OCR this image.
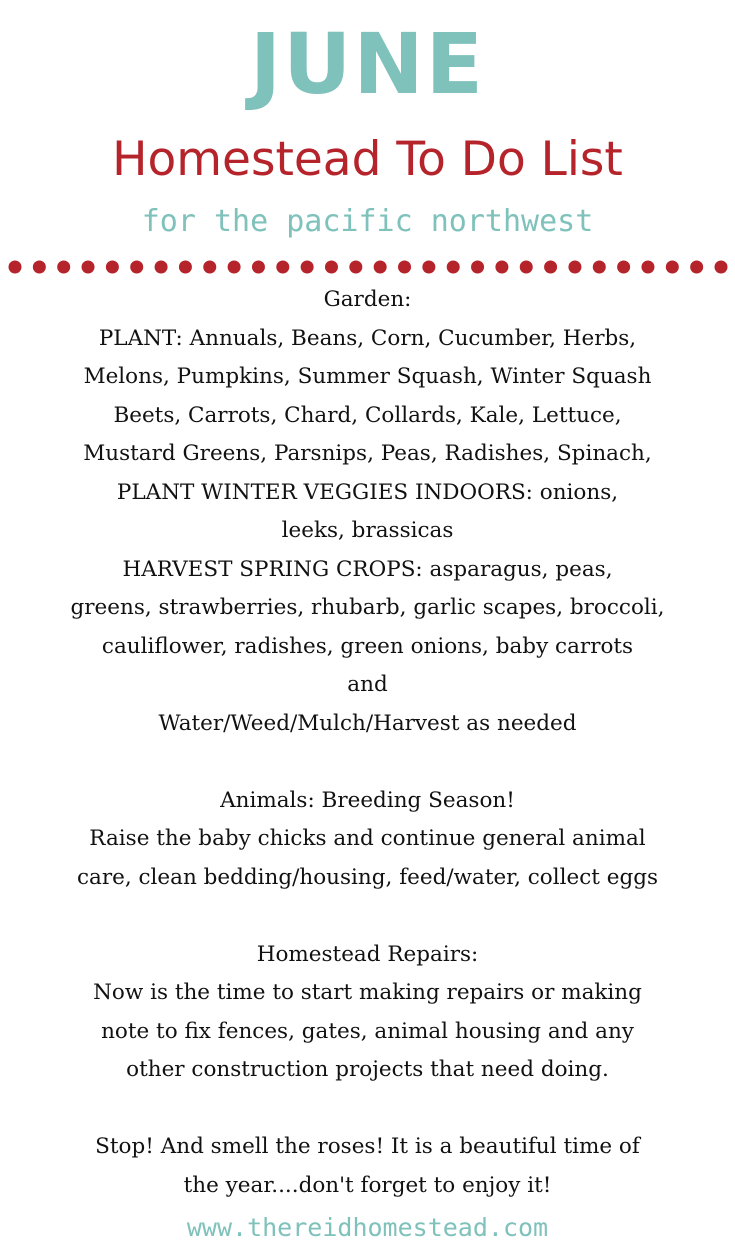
JUNE
Homestead To Do List
for the pacific northwest

Garden:

PLANT: Annuals, Beans, Corn, Cucumber, Herbs,

Melons, Pumpkins, Summer Squash, Winter Squash

Beets, Carrots, Chard, Collards, Kale, Lettuce,

Mustard Greens, Parsnips, Peas, Radishes, Spinach,

PLANT WINTER VEGGIES INDOORS: onions,

leeks, brassicas

HARVEST SPRING CROPS: asparagus, peas,

greens, strawberries, rhubarb, garlic scapes, broccoli,

cauliflower, radishes, green onions, baby carrots

and

Water/Weed/Mulch/Harvest as needed

Animals: Breeding Season!

Raise the baby chicks and continue general animal

care, clean bedding/housing, feed/water, collect eggs

Homestead Repairs:

Now is the time to start making repairs or making

note to fix fences, gates, animal housing and any

other construction projects that need doing.

Stop! And smell the roses! It is a beautiful time of

the year....don't forget to enjoy it!

www.thereidhomestead.com
